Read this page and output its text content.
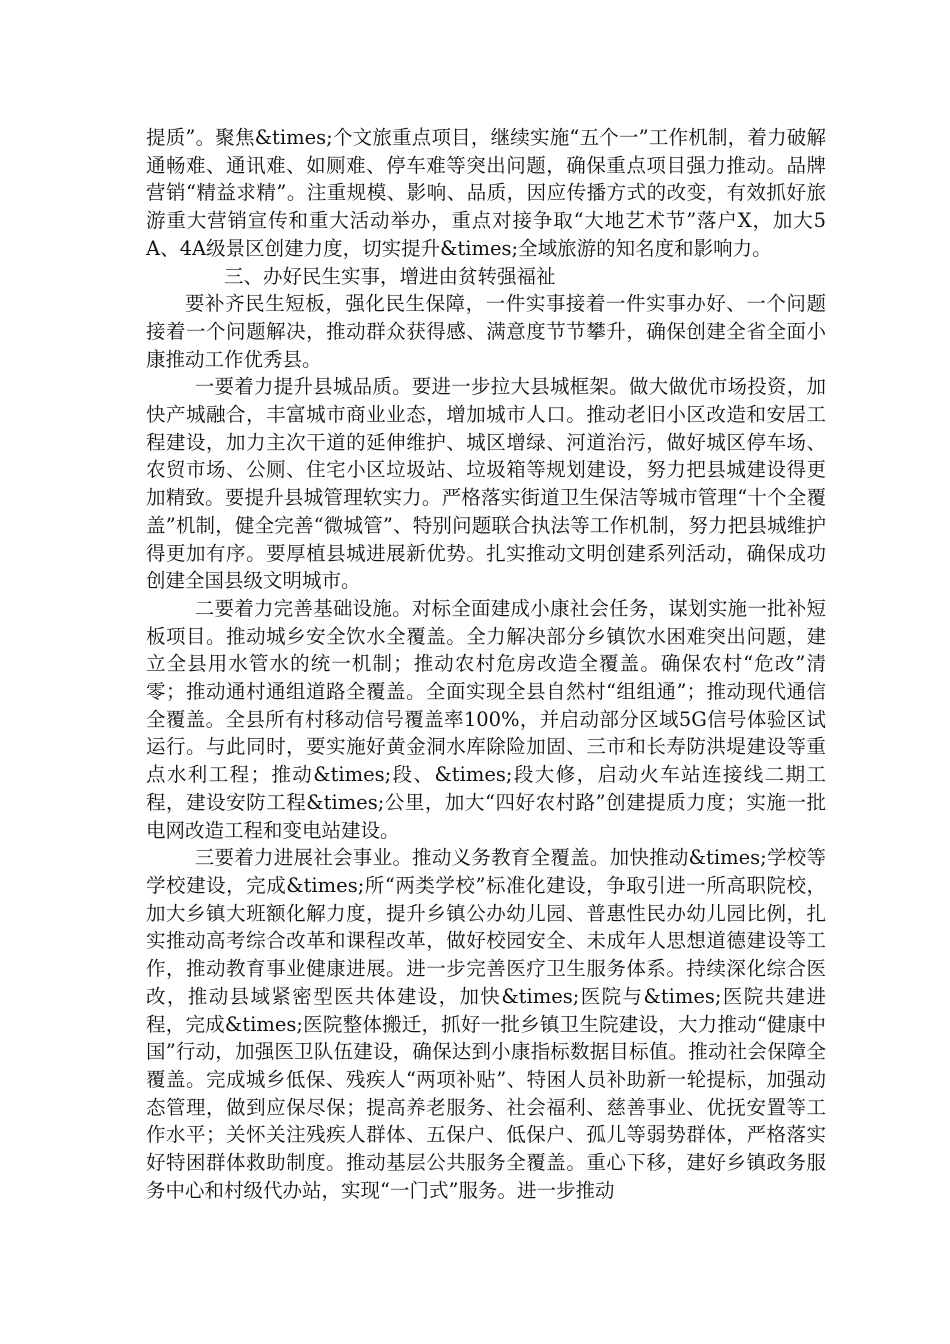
提质”。聚焦&times;个文旅重点项目，继续实施“五个一”工作机制，着力破解通畅难、通讯难、如厕难、停车难等突出问题，确保重点项目强力推动。品牌营销“精益求精”。注重规模、影响、品质，因应传播方式的改变，有效抓好旅游重大营销宣传和重大活动举办，重点对接争取“大地艺术节”落户X，加大5A、4A级景区创建力度，切实提升&times;全域旅游的知名度和影响力。

三、办好民生实事，增进由贫转强福祉

要补齐民生短板，强化民生保障，一件实事接着一件实事办好、一个问题接着一个问题解决，推动群众获得感、满意度节节攀升，确保创建全省全面小康推动工作优秀县。

一要着力提升县城品质。要进一步拉大县城框架。做大做优市场投资，加快产城融合，丰富城市商业业态，增加城市人口。推动老旧小区改造和安居工程建设，加力主次干道的延伸维护、城区增绿、河道治污，做好城区停车场、农贸市场、公厕、住宅小区垃圾站、垃圾箱等规划建设，努力把县城建设得更加精致。要提升县城管理软实力。严格落实街道卫生保洁等城市管理“十个全覆盖”机制，健全完善“微城管”、特别问题联合执法等工作机制，努力把县城维护得更加有序。要厚植县城进展新优势。扎实推动文明创建系列活动，确保成功创建全国县级文明城市。

二要着力完善基础设施。对标全面建成小康社会任务，谋划实施一批补短板项目。推动城乡安全饮水全覆盖。全力解决部分乡镇饮水困难突出问题，建立全县用水管水的统一机制；推动农村危房改造全覆盖。确保农村“危改”清零；推动通村通组道路全覆盖。全面实现全县自然村“组组通”；推动现代通信全覆盖。全县所有村移动信号覆盖率100%，并启动部分区域5G信号体验区试运行。与此同时，要实施好黄金洞水库除险加固、三市和长寿防洪堤建设等重点水利工程；推动&times;段、&times;段大修，启动火车站连接线二期工程，建设安防工程&times;公里，加大“四好农村路”创建提质力度；实施一批电网改造工程和变电站建设。

三要着力进展社会事业。推动义务教育全覆盖。加快推动&times;学校等学校建设，完成&times;所“两类学校”标准化建设，争取引进一所高职院校，加大乡镇大班额化解力度，提升乡镇公办幼儿园、普惠性民办幼儿园比例，扎实推动高考综合改革和课程改革，做好校园安全、未成年人思想道德建设等工作，推动教育事业健康进展。进一步完善医疗卫生服务体系。持续深化综合医改，推动县域紧密型医共体建设，加快&times;医院与&times;医院共建进程，完成&times;医院整体搬迁，抓好一批乡镇卫生院建设，大力推动“健康中国”行动，加强医卫队伍建设，确保达到小康指标数据目标值。推动社会保障全覆盖。完成城乡低保、残疾人“两项补贴”、特困人员补助新一轮提标，加强动态管理，做到应保尽保；提高养老服务、社会福利、慈善事业、优抚安置等工作水平；关怀关注残疾人群体、五保户、低保户、孤儿等弱势群体，严格落实好特困群体救助制度。推动基层公共服务全覆盖。重心下移，建好乡镇政务服务中心和村级代办站，实现“一门式”服务。进一步推动
